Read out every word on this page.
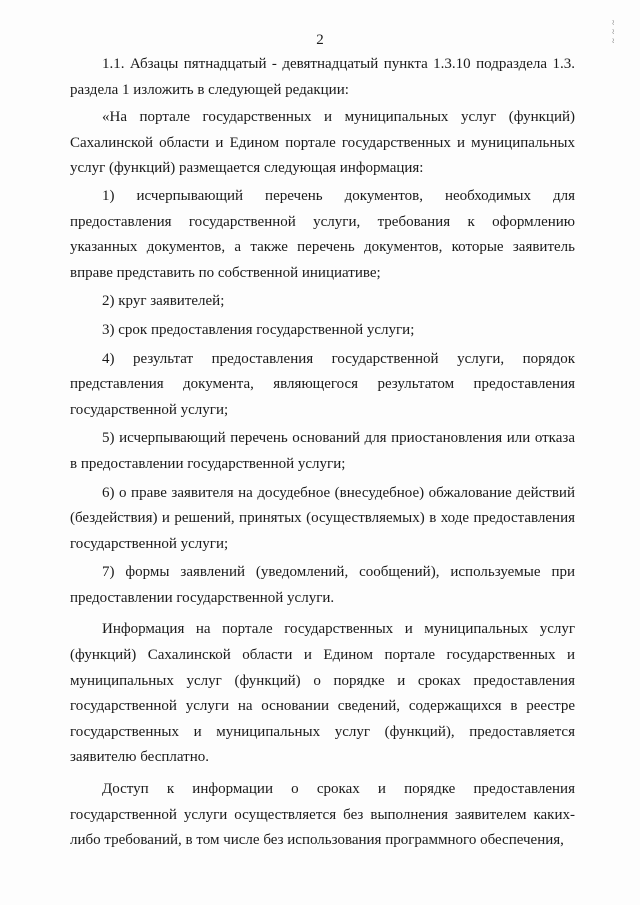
2	~ ~ ~

1.1. Абзацы пятнадцатый - девятнадцатый пункта 1.3.10 подраздела 1.3. раздела 1 изложить в следующей редакции:

«На портале государственных и муниципальных услуг (функций) Сахалинской области и Едином портале государственных и муниципальных услуг (функций) размещается следующая информация:

1) исчерпывающий перечень документов, необходимых для предоставления государственной услуги, требования к оформлению указанных документов, а также перечень документов, которые заявитель вправе представить по собственной инициативе;

2) круг заявителей;

3) срок предоставления государственной услуги;

4) результат предоставления государственной услуги, порядок представления документа, являющегося результатом предоставления государственной услуги;

5) исчерпывающий перечень оснований для приостановления или отказа в предоставлении государственной услуги;

6) о праве заявителя на досудебное (внесудебное) обжалование действий (бездействия) и решений, принятых (осуществляемых) в ходе предоставления государственной услуги;

7) формы заявлений (уведомлений, сообщений), используемые при предоставлении государственной услуги.

Информация на портале государственных и муниципальных услуг (функций) Сахалинской области и Едином портале государственных и муниципальных услуг (функций) о порядке и сроках предоставления государственной услуги на основании сведений, содержащихся в реестре государственных и муниципальных услуг (функций), предоставляется заявителю бесплатно.

Доступ к информации о сроках и порядке предоставления государственной услуги осуществляется без выполнения заявителем каких-либо требований, в том числе без использования программного обеспечения,
